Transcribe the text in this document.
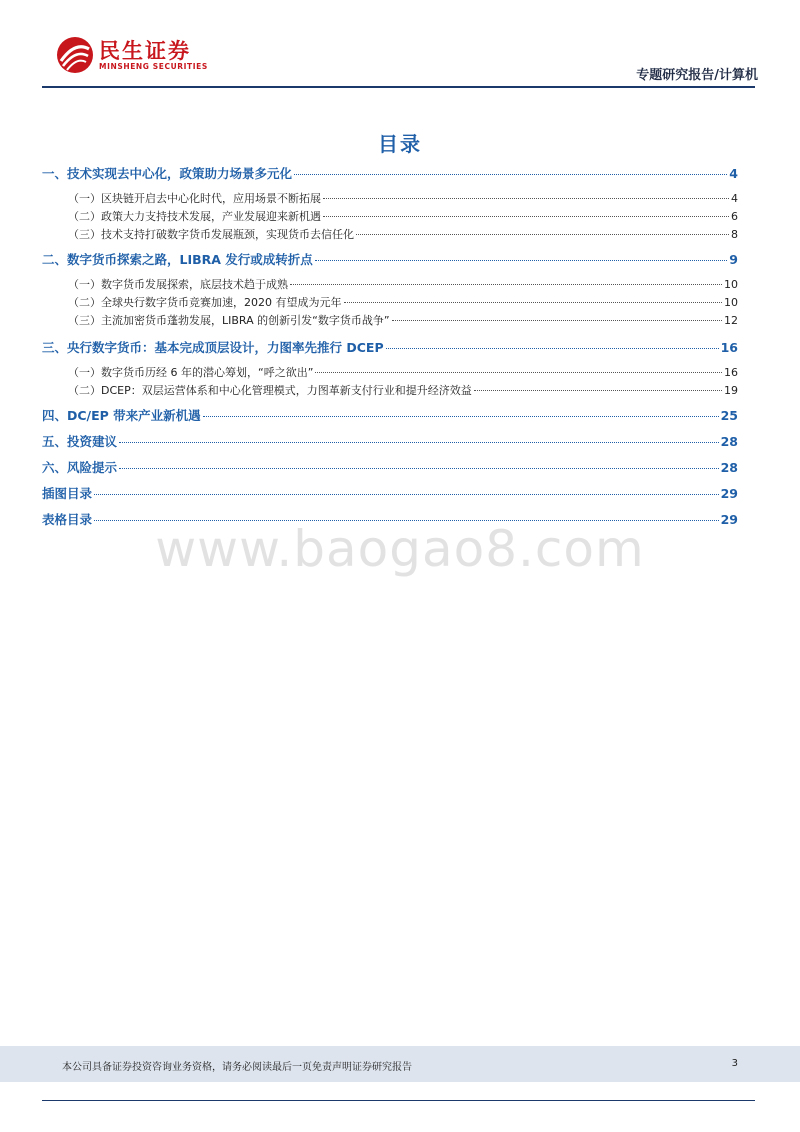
民生证券
MINSHENG SECURITIES
专题研究报告/计算机
目录
一、技术实现去中心化，政策助力场景多元化	4
（一）区块链开启去中心化时代，应用场景不断拓展	4
（二）政策大力支持技术发展，产业发展迎来新机遇	6
（三）技术支持打破数字货币发展瓶颈，实现货币去信任化	8
二、数字货币探索之路，LIBRA 发行或成转折点	9
（一）数字货币发展探索，底层技术趋于成熟	10
（二）全球央行数字货币竞赛加速，2020 有望成为元年	10
（三）主流加密货币蓬勃发展，LIBRA 的创新引发“数字货币战争”	12
三、央行数字货币：基本完成顶层设计，力图率先推行 DCEP	16
（一）数字货币历经 6 年的潜心筹划，“呼之欲出”	16
（二）DCEP：双层运营体系和中心化管理模式，力图革新支付行业和提升经济效益	19
四、DC/EP 带来产业新机遇	25
五、投资建议	28
六、风险提示	28
插图目录	29
表格目录	29
www.baogao8.com
本公司具备证券投资咨询业务资格，请务必阅读最后一页免责声明证券研究报告	3
